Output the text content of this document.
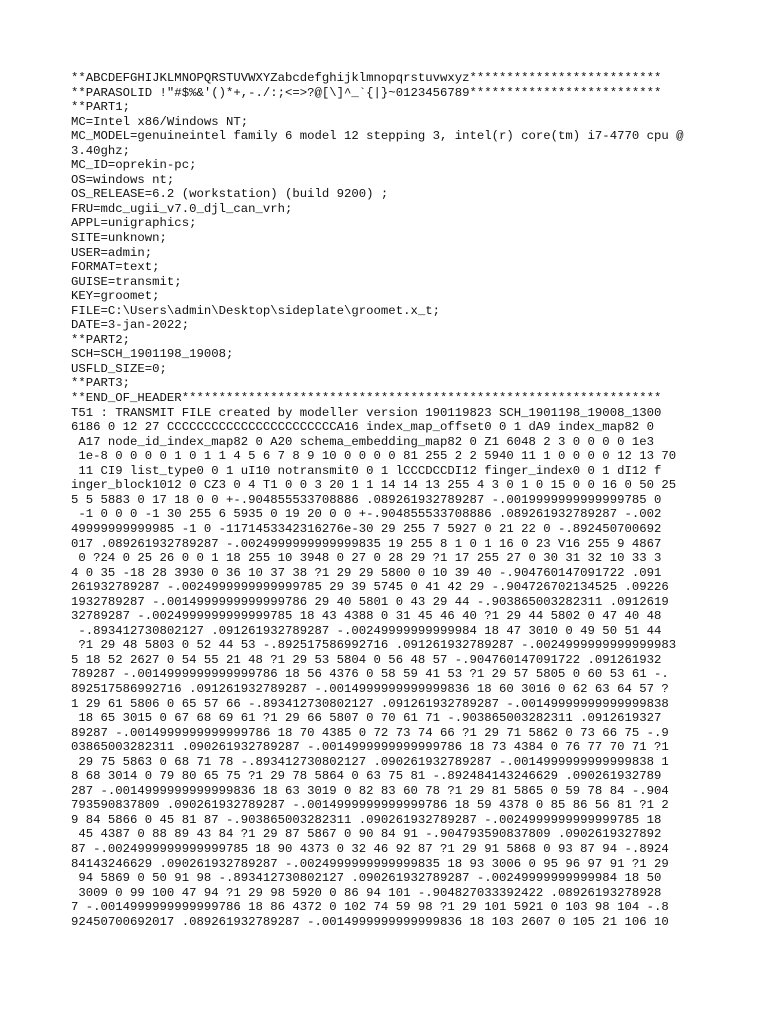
**ABCDEFGHIJKLMNOPQRSTUVWXYZabcdefghijklmnopqrstuvwxyz**************************
**PARASOLID !"#$%&'()*+,-./:;<=>?@[\]^_`{|}~0123456789**************************
**PART1;
MC=Intel x86/Windows NT;
MC_MODEL=genuineintel family 6 model 12 stepping 3, intel(r) core(tm) i7-4770 cpu @
3.40ghz;
MC_ID=oprekin-pc;
OS=windows nt;
OS_RELEASE=6.2 (workstation) (build 9200) ;
FRU=mdc_ugii_v7.0_djl_can_vrh;
APPL=unigraphics;
SITE=unknown;
USER=admin;
FORMAT=text;
GUISE=transmit;
KEY=groomet;
FILE=C:\Users\admin\Desktop\sideplate\groomet.x_t;
DATE=3-jan-2022;
**PART2;
SCH=SCH_1901198_19008;
USFLD_SIZE=0;
**PART3;
**END_OF_HEADER*****************************************************************
T51 : TRANSMIT FILE created by modeller version 190119823 SCH_1901198_19008_1300
6186 0 12 27 CCCCCCCCCCCCCCCCCCCCCCCA16 index_map_offset0 0 1 dA9 index_map82 0
A17 node_id_index_map82 0 A20 schema_embedding_map82 0 Z1 6048 2 3 0 0 0 0 1e3
1e-8 0 0 0 0 1 0 1 1 4 5 6 7 8 9 10 0 0 0 0 81 255 2 2 5940 11 1 0 0 0 0 12 13 70
11 CI9 list_type0 0 1 uI10 notransmit0 0 1 lCCCDCCDI12 finger_index0 0 1 dI12 f
inger_block1012 0 CZ3 0 4 T1 0 0 3 20 1 1 14 14 13 255 4 3 0 1 0 15 0 0 16 0 50 25
5 5 5883 0 17 18 0 0 +-.904855533708886 .089261932789287 -.0019999999999999785 0
-1 0 0 0 -1 30 255 6 5935 0 19 20 0 0 +-.904855533708886 .089261932789287 -.002
49999999999985 -1 0 -1171453342316276e-30 29 255 7 5927 0 21 22 0 -.892450700692
017 .089261932789287 -.0024999999999999835 19 255 8 1 0 1 16 0 23 V16 255 9 4867
0 ?24 0 25 26 0 0 1 18 255 10 3948 0 27 0 28 29 ?1 17 255 27 0 30 31 32 10 33 3
4 0 35 -18 28 3930 0 36 10 37 38 ?1 29 29 5800 0 10 39 40 -.904760147091722 .091
261932789287 -.0024999999999999785 29 39 5745 0 41 42 29 -.904726702134525 .09226
1932789287 -.0014999999999999786 29 40 5801 0 43 29 44 -.903865003282311 .0912619
32789287 -.0024999999999999785 18 43 4388 0 31 45 46 40 ?1 29 44 5802 0 47 40 48
-.893412730802127 .091261932789287 -.00249999999999984 18 47 3010 0 49 50 51 44
?1 29 48 5803 0 52 44 53 -.892517586992716 .091261932789287 -.0024999999999999983
5 18 52 2627 0 54 55 21 48 ?1 29 53 5804 0 56 48 57 -.904760147091722 .091261932
789287 -.0014999999999999786 18 56 4376 0 58 59 41 53 ?1 29 57 5805 0 60 53 61 -.
892517586992716 .091261932789287 -.0014999999999999836 18 60 3016 0 62 63 64 57 ?
1 29 61 5806 0 65 57 66 -.893412730802127 .091261932789287 -.00149999999999999838
18 65 3015 0 67 68 69 61 ?1 29 66 5807 0 70 61 71 -.903865003282311 .0912619327
89287 -.0014999999999999786 18 70 4385 0 72 73 74 66 ?1 29 71 5862 0 73 66 75 -.9
03865003282311 .090261932789287 -.0014999999999999786 18 73 4384 0 76 77 70 71 ?1
29 75 5863 0 68 71 78 -.893412730802127 .090261932789287 -.0014999999999999838 1
8 68 3014 0 79 80 65 75 ?1 29 78 5864 0 63 75 81 -.892484143246629 .090261932789
287 -.0014999999999999836 18 63 3019 0 82 83 60 78 ?1 29 81 5865 0 59 78 84 -.904
793590837809 .090261932789287 -.0014999999999999786 18 59 4378 0 85 86 56 81 ?1 2
9 84 5866 0 45 81 87 -.903865003282311 .090261932789287 -.0024999999999999785 18
45 4387 0 88 89 43 84 ?1 29 87 5867 0 90 84 91 -.904793590837809 .0902619327892
87 -.0024999999999999785 18 90 4373 0 32 46 92 87 ?1 29 91 5868 0 93 87 94 -.8924
84143246629 .090261932789287 -.0024999999999999835 18 93 3006 0 95 96 97 91 ?1 29
94 5869 0 50 91 98 -.893412730802127 .090261932789287 -.00249999999999984 18 50
3009 0 99 100 47 94 ?1 29 98 5920 0 86 94 101 -.904827033392422 .08926193278928
7 -.0014999999999999786 18 86 4372 0 102 74 59 98 ?1 29 101 5921 0 103 98 104 -.8
92450700692017 .089261932789287 -.0014999999999999836 18 103 2607 0 105 21 106 10
